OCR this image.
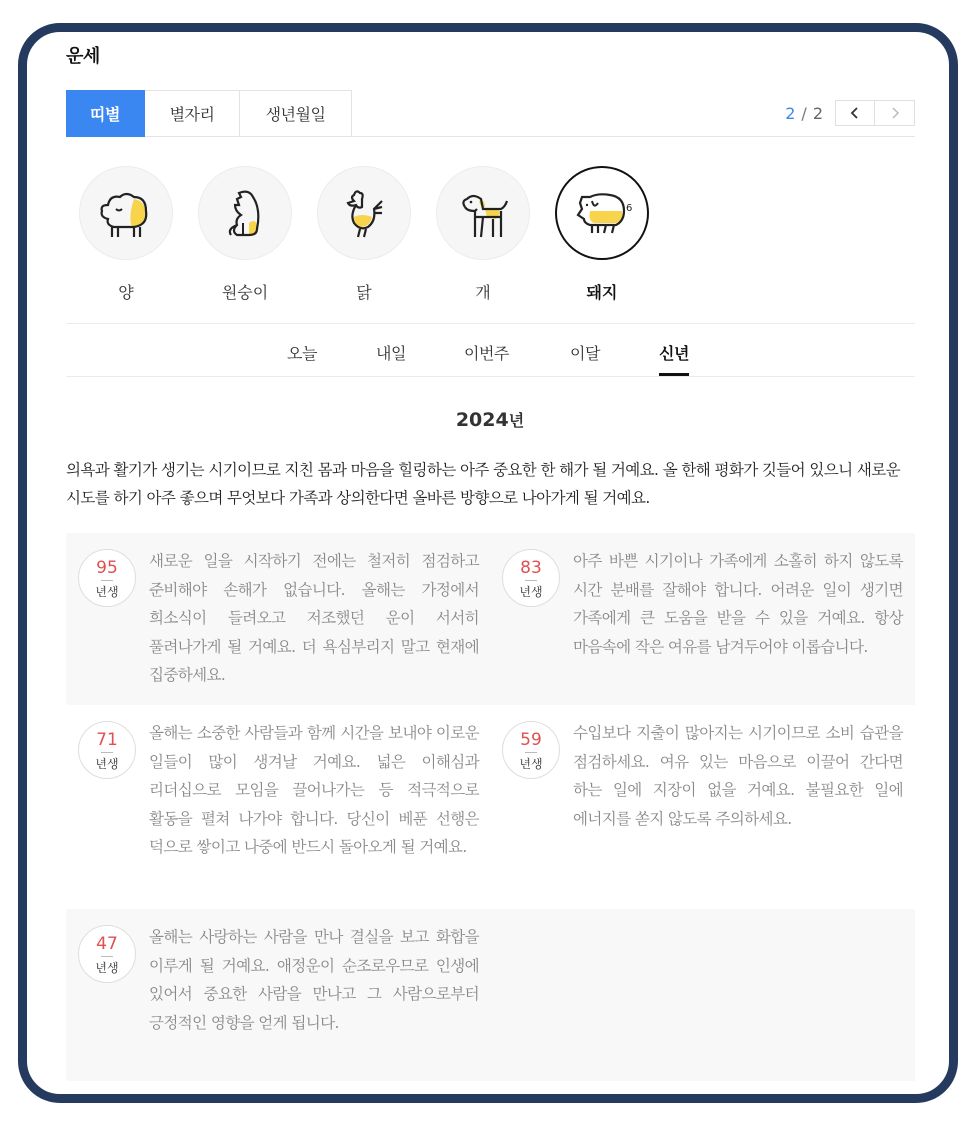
운세
띠별	별자리	생년월일	2 / 2
양	원숭이	닭	개
6
돼지
오늘	내일	이번주	이달	신년
2024년
의욕과 활기가 생기는 시기이므로 지친 몸과 마음을 힐링하는 아주 중요한 한 해가 될 거예요. 올 한해 평화가 깃들어 있으니 새로운 시도를 하기 아주 좋으며 무엇보다 가족과 상의한다면 올바른 방향으로 나아가게 될 거예요.
95
년생
새로운 일을 시작하기 전에는 철저히 점검하고 준비해야 손해가 없습니다. 올해는 가정에서 희소식이 들려오고 저조했던 운이 서서히 풀려나가게 될 거예요. 더 욕심부리지 말고 현재에 집중하세요.
83
년생
아주 바쁜 시기이나 가족에게 소홀히 하지 않도록 시간 분배를 잘해야 합니다. 어려운 일이 생기면 가족에게 큰 도움을 받을 수 있을 거예요. 항상 마음속에 작은 여유를 남겨두어야 이롭습니다.
71
년생
올해는 소중한 사람들과 함께 시간을 보내야 이로운 일들이 많이 생겨날 거예요. 넓은 이해심과 리더십으로 모임을 끌어나가는 등 적극적으로 활동을 펼쳐 나가야 합니다. 당신이 베푼 선행은 덕으로 쌓이고 나중에 반드시 돌아오게 될 거예요.
59
년생
수입보다 지출이 많아지는 시기이므로 소비 습관을 점검하세요. 여유 있는 마음으로 이끌어 간다면 하는 일에 지장이 없을 거예요. 불필요한 일에 에너지를 쏟지 않도록 주의하세요.
47
년생
올해는 사랑하는 사람을 만나 결실을 보고 화합을 이루게 될 거예요. 애정운이 순조로우므로 인생에 있어서 중요한 사람을 만나고 그 사람으로부터 긍정적인 영향을 얻게 됩니다.
